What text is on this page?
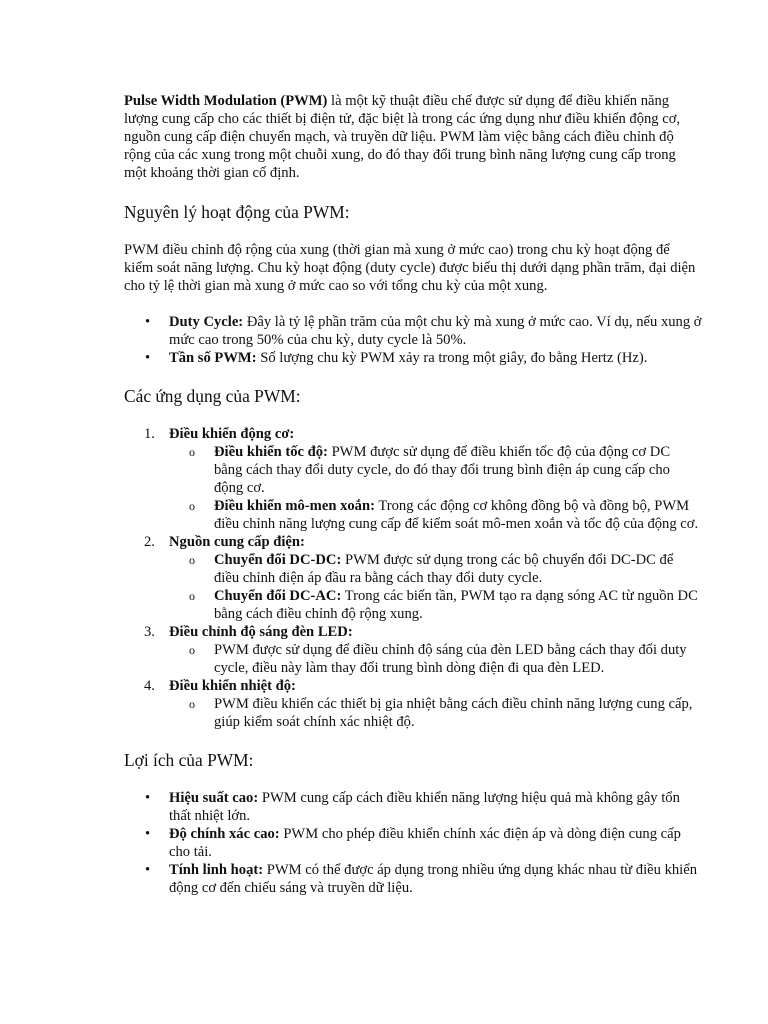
Pulse Width Modulation (PWM) là một kỹ thuật điều chế được sử dụng để điều khiển năng lượng cung cấp cho các thiết bị điện tử, đặc biệt là trong các ứng dụng như điều khiển động cơ, nguồn cung cấp điện chuyển mạch, và truyền dữ liệu. PWM làm việc bằng cách điều chỉnh độ rộng của các xung trong một chuỗi xung, do đó thay đổi trung bình năng lượng cung cấp trong một khoảng thời gian cố định.

Nguyên lý hoạt động của PWM:

PWM điều chỉnh độ rộng của xung (thời gian mà xung ở mức cao) trong chu kỳ hoạt động để kiểm soát năng lượng. Chu kỳ hoạt động (duty cycle) được biểu thị dưới dạng phần trăm, đại diện cho tỷ lệ thời gian mà xung ở mức cao so với tổng chu kỳ của một xung.

• Duty Cycle: Đây là tỷ lệ phần trăm của một chu kỳ mà xung ở mức cao. Ví dụ, nếu xung ở mức cao trong 50% của chu kỳ, duty cycle là 50%.
• Tần số PWM: Số lượng chu kỳ PWM xảy ra trong một giây, đo bằng Hertz (Hz).
Các ứng dụng của PWM:
1. Điều khiển động cơ:
o Điều khiển tốc độ: PWM được sử dụng để điều khiển tốc độ của động cơ DC bằng cách thay đổi duty cycle, do đó thay đổi trung bình điện áp cung cấp cho động cơ.
o Điều khiển mô-men xoắn: Trong các động cơ không đồng bộ và đồng bộ, PWM điều chỉnh năng lượng cung cấp để kiểm soát mô-men xoắn và tốc độ của động cơ.
2. Nguồn cung cấp điện:
o Chuyển đổi DC-DC: PWM được sử dụng trong các bộ chuyển đổi DC-DC để điều chỉnh điện áp đầu ra bằng cách thay đổi duty cycle.
o Chuyển đổi DC-AC: Trong các biến tần, PWM tạo ra dạng sóng AC từ nguồn DC bằng cách điều chỉnh độ rộng xung.
3. Điều chỉnh độ sáng đèn LED:
o PWM được sử dụng để điều chỉnh độ sáng của đèn LED bằng cách thay đổi duty cycle, điều này làm thay đổi trung bình dòng điện đi qua đèn LED.
4. Điều khiển nhiệt độ:
o PWM điều khiển các thiết bị gia nhiệt bằng cách điều chỉnh năng lượng cung cấp, giúp kiểm soát chính xác nhiệt độ.
Lợi ích của PWM:
• Hiệu suất cao: PWM cung cấp cách điều khiển năng lượng hiệu quả mà không gây tổn thất nhiệt lớn.
• Độ chính xác cao: PWM cho phép điều khiển chính xác điện áp và dòng điện cung cấp cho tải.
• Tính linh hoạt: PWM có thể được áp dụng trong nhiều ứng dụng khác nhau từ điều khiển động cơ đến chiếu sáng và truyền dữ liệu.
